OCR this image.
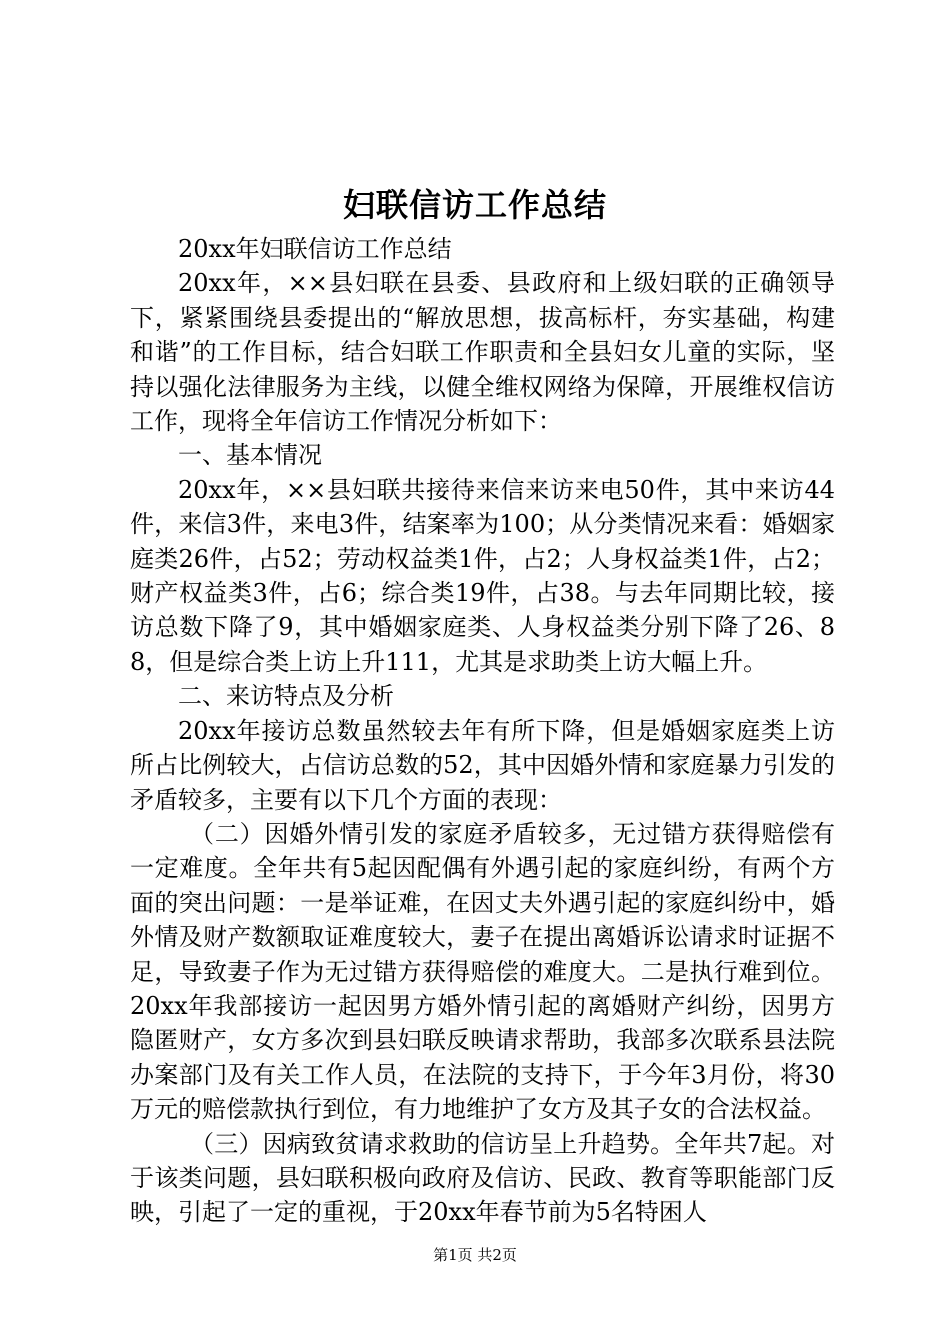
妇联信访工作总结

20xx年妇联信访工作总结

20xx年，××县妇联在县委、县政府和上级妇联的正确领导下，紧紧围绕县委提出的“解放思想，拔高标杆，夯实基础，构建和谐”的工作目标，结合妇联工作职责和全县妇女儿童的实际，坚持以强化法律服务为主线，以健全维权网络为保障，开展维权信访工作，现将全年信访工作情况分析如下：

一、基本情况

20xx年，××县妇联共接待来信来访来电50件，其中来访44件，来信3件，来电3件，结案率为100；从分类情况来看：婚姻家庭类26件，占52；劳动权益类1件，占2；人身权益类1件，占2；财产权益类3件，占6；综合类19件，占38。与去年同期比较，接访总数下降了9，其中婚姻家庭类、人身权益类分别下降了26、88，但是综合类上访上升111，尤其是求助类上访大幅上升。

二、来访特点及分析

20xx年接访总数虽然较去年有所下降，但是婚姻家庭类上访所占比例较大，占信访总数的52，其中因婚外情和家庭暴力引发的矛盾较多，主要有以下几个方面的表现：

（二）因婚外情引发的家庭矛盾较多，无过错方获得赔偿有一定难度。全年共有5起因配偶有外遇引起的家庭纠纷，有两个方面的突出问题：一是举证难，在因丈夫外遇引起的家庭纠纷中，婚外情及财产数额取证难度较大，妻子在提出离婚诉讼请求时证据不足，导致妻子作为无过错方获得赔偿的难度大。二是执行难到位。20xx年我部接访一起因男方婚外情引起的离婚财产纠纷，因男方隐匿财产，女方多次到县妇联反映请求帮助，我部多次联系县法院办案部门及有关工作人员，在法院的支持下，于今年3月份，将30万元的赔偿款执行到位，有力地维护了女方及其子女的合法权益。

（三）因病致贫请求救助的信访呈上升趋势。全年共7起。对于该类问题，县妇联积极向政府及信访、民政、教育等职能部门反映，引起了一定的重视，于20xx年春节前为5名特困人

第1页 共2页
